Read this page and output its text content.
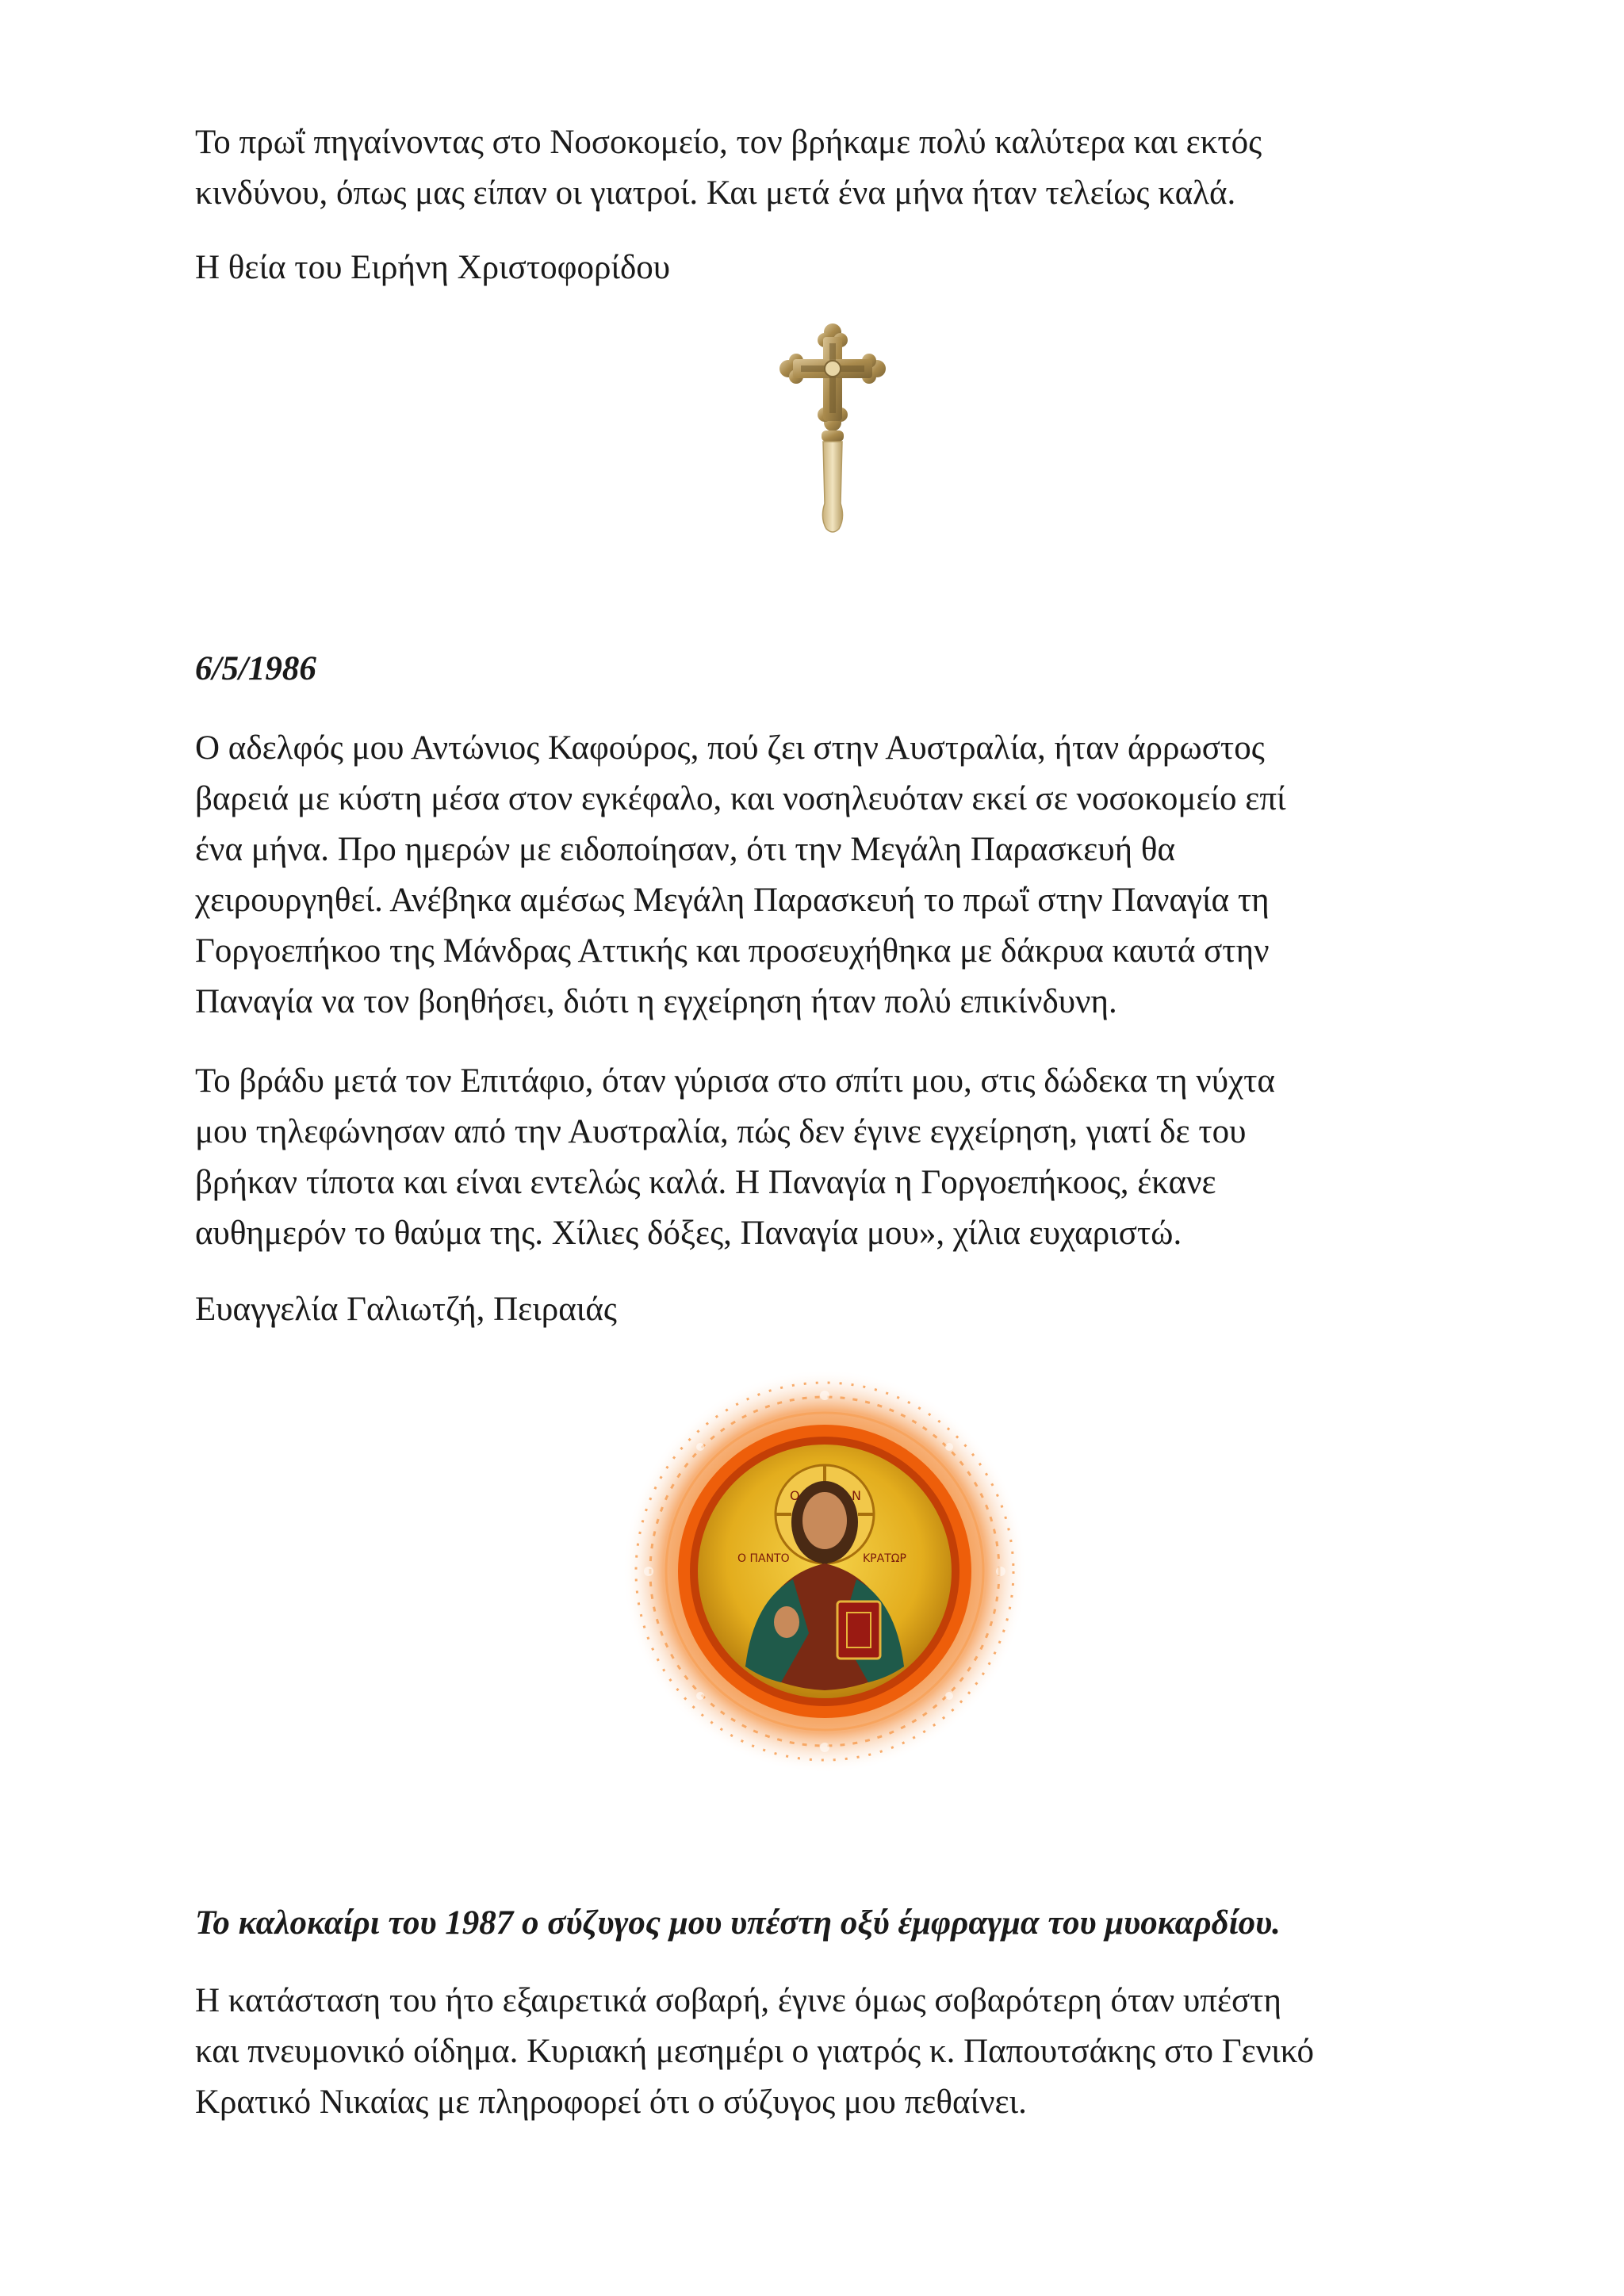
Το πρωΐ πηγαίνοντας στο Νοσοκομείο, τον βρήκαμε πολύ καλύτερα και εκτός

κινδύνου, όπως μας είπαν οι γιατροί. Και μετά ένα μήνα ήταν τελείως καλά.

Η θεία του Ειρήνη Χριστοφορίδου

6/5/1986

Ο αδελφός μου Αντώνιος Καφούρος, πού ζει στην Αυστραλία, ήταν άρρωστος

βαρειά με κύστη μέσα στον εγκέφαλο, και νοσηλευόταν εκεί σε νοσοκομείο επί

ένα μήνα. Προ ημερών με ειδοποίησαν, ότι την Μεγάλη Παρασκευή θα

χειρουργηθεί. Ανέβηκα αμέσως Μεγάλη Παρασκευή το πρωΐ στην Παναγία τη

Γοργοεπήκοο της Μάνδρας Αττικής και προσευχήθηκα με δάκρυα καυτά στην

Παναγία να τον βοηθήσει, διότι η εγχείρηση ήταν πολύ επικίνδυνη.

Το βράδυ μετά τον Επιτάφιο, όταν γύρισα στο σπίτι μου, στις δώδεκα τη νύχτα

μου τηλεφώνησαν από την Αυστραλία, πώς δεν έγινε εγχείρηση, γιατί δε του

βρήκαν τίποτα και είναι εντελώς καλά. Η Παναγία η Γοργοεπήκοος, έκανε

αυθημερόν το θαύμα της. Χίλιες δόξες, Παναγία μου», χίλια ευχαριστώ.

Ευαγγελία Γαλιωτζή, Πειραιάς

Το καλοκαίρι του 1987 ο σύζυγος μου υπέστη οξύ έμφραγμα του μυοκαρδίου.

Η κατάσταση του ήτο εξαιρετικά σοβαρή, έγινε όμως σοβαρότερη όταν υπέστη

και πνευμονικό οίδημα. Κυριακή μεσημέρι ο γιατρός κ. Παπουτσάκης στο Γενικό

Κρατικό Νικαίας με πληροφορεί ότι ο σύζυγος μου πεθαίνει.

Ο	Ν
Ο ΠΑΝΤΟ	ΚΡΑΤΩΡ
